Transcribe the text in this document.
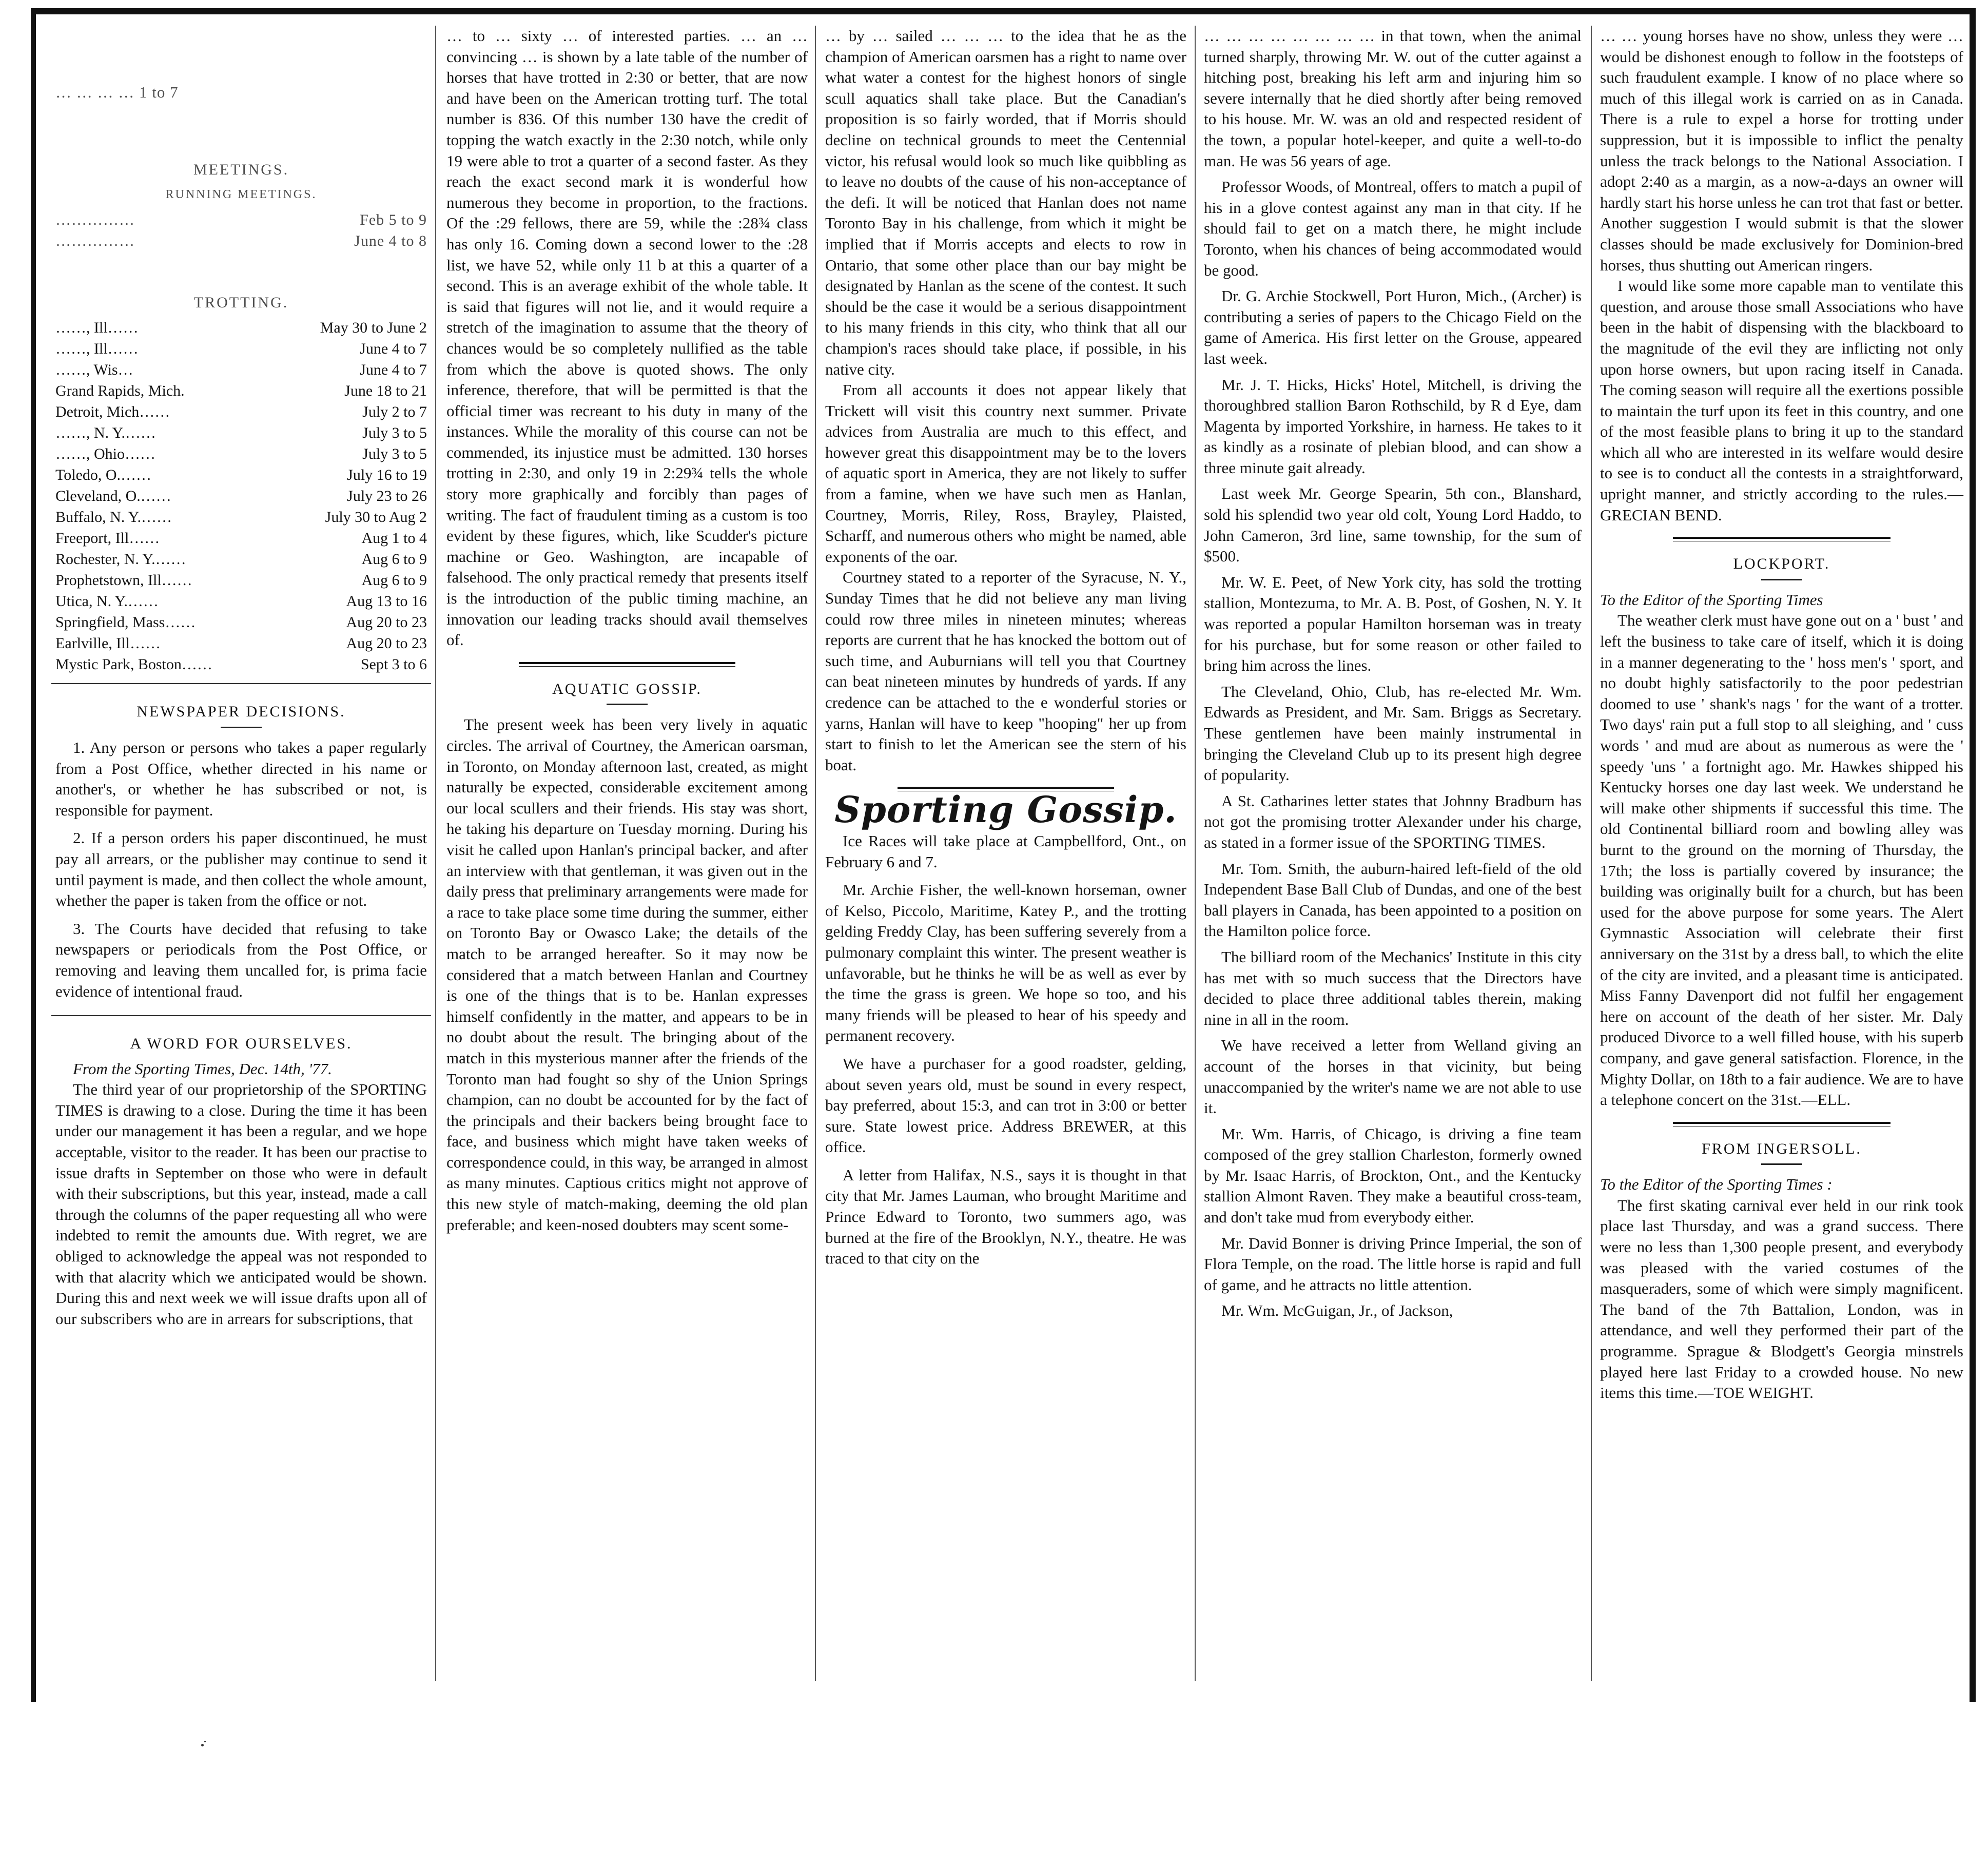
… … … … 1 to 7

MEETINGS.
RUNNING MEETINGS.
……………	Feb 5 to 9
……………	June 4 to 8
TROTTING.
……, Ill……	May 30 to June 2
……, Ill……	June 4 to 7
……, Wis…	June 4 to 7
Grand Rapids, Mich.	June 18 to 21
Detroit, Mich……	July 2 to 7
……, N. Y.……	July 3 to 5
……, Ohio……	July 3 to 5
Toledo, O.……	July 16 to 19
Cleveland, O.……	July 23 to 26
Buffalo, N. Y.……	July 30 to Aug 2
Freeport, Ill……	Aug 1 to 4
Rochester, N. Y.……	Aug 6 to 9
Prophetstown, Ill……	Aug 6 to 9
Utica, N. Y.……	Aug 13 to 16
Springfield, Mass……	Aug 20 to 23
Earlville, Ill……	Aug 20 to 23
Mystic Park, Boston……	Sept 3 to 6
NEWSPAPER DECISIONS.

1. Any person or persons who takes a paper regularly from a Post Office, whether directed in his name or another's, or whether he has subscribed or not, is responsible for payment.

2. If a person orders his paper discontinued, he must pay all arrears, or the publisher may continue to send it until payment is made, and then collect the whole amount, whether the paper is taken from the office or not.

3. The Courts have decided that refusing to take newspapers or periodicals from the Post Office, or removing and leaving them uncalled for, is prima facie evidence of intentional fraud.

A WORD FOR OURSELVES.

From the Sporting Times, Dec. 14th, '77.

The third year of our proprietorship of the SPORTING TIMES is drawing to a close. During the time it has been under our management it has been a regular, and we hope acceptable, visitor to the reader. It has been our practise to issue drafts in September on those who were in default with their subscriptions, but this year, instead, made a call through the columns of the paper requesting all who were indebted to remit the amounts due. With regret, we are obliged to acknowledge the appeal was not responded to with that alacrity which we anticipated would be shown. During this and next week we will issue drafts upon all of our subscribers who are in arrears for subscriptions, that

… to … sixty … of interested parties. … an … convincing … is shown by a late table of the number of horses that have trotted in 2:30 or better, that are now and have been on the American trotting turf. The total number is 836. Of this number 130 have the credit of topping the watch exactly in the 2:30 notch, while only 19 were able to trot a quarter of a second faster. As they reach the exact second mark it is wonderful how numerous they become in proportion, to the fractions. Of the :29 fellows, there are 59, while the :28¾ class has only 16. Coming down a second lower to the :28 list, we have 52, while only 11 b at this a quarter of a second. This is an average exhibit of the whole table. It is said that figures will not lie, and it would require a stretch of the imagination to assume that the theory of chances would be so completely nullified as the table from which the above is quoted shows. The only inference, therefore, that will be permitted is that the official timer was recreant to his duty in many of the instances. While the morality of this course can not be commended, its injustice must be admitted. 130 horses trotting in 2:30, and only 19 in 2:29¾ tells the whole story more graphically and forcibly than pages of writing. The fact of fraudulent timing as a custom is too evident by these figures, which, like Scudder's picture machine or Geo. Washington, are incapable of falsehood. The only practical remedy that presents itself is the introduction of the public timing machine, an innovation our leading tracks should avail themselves of.

AQUATIC GOSSIP.

The present week has been very lively in aquatic circles. The arrival of Courtney, the American oarsman, in Toronto, on Monday afternoon last, created, as might naturally be expected, considerable excitement among our local scullers and their friends. His stay was short, he taking his departure on Tuesday morning. During his visit he called upon Hanlan's principal backer, and after an interview with that gentleman, it was given out in the daily press that preliminary arrangements were made for a race to take place some time during the summer, either on Toronto Bay or Owasco Lake; the details of the match to be arranged hereafter. So it may now be considered that a match between Hanlan and Courtney is one of the things that is to be. Hanlan expresses himself confidently in the matter, and appears to be in no doubt about the result. The bringing about of the match in this mysterious manner after the friends of the Toronto man had fought so shy of the Union Springs champion, can no doubt be accounted for by the fact of the principals and their backers being brought face to face, and business which might have taken weeks of correspondence could, in this way, be arranged in almost as many minutes. Captious critics might not approve of this new style of match-making, deeming the old plan preferable; and keen-nosed doubters may scent some-

… by … sailed … … … to the idea that he as the champion of American oarsmen has a right to name over what water a contest for the highest honors of single scull aquatics shall take place. But the Canadian's proposition is so fairly worded, that if Morris should decline on technical grounds to meet the Centennial victor, his refusal would look so much like quibbling as to leave no doubts of the cause of his non-acceptance of the defi. It will be noticed that Hanlan does not name Toronto Bay in his challenge, from which it might be implied that if Morris accepts and elects to row in Ontario, that some other place than our bay might be designated by Hanlan as the scene of the contest. It such should be the case it would be a serious disappointment to his many friends in this city, who think that all our champion's races should take place, if possible, in his native city.

From all accounts it does not appear likely that Trickett will visit this country next summer. Private advices from Australia are much to this effect, and however great this disappointment may be to the lovers of aquatic sport in America, they are not likely to suffer from a famine, when we have such men as Hanlan, Courtney, Morris, Riley, Ross, Brayley, Plaisted, Scharff, and numerous others who might be named, able exponents of the oar.

Courtney stated to a reporter of the Syracuse, N. Y., Sunday Times that he did not believe any man living could row three miles in nineteen minutes; whereas reports are current that he has knocked the bottom out of such time, and Auburnians will tell you that Courtney can beat nineteen minutes by hundreds of yards. If any credence can be attached to the e wonderful stories or yarns, Hanlan will have to keep "hooping" her up from start to finish to let the American see the stern of his boat.

Sporting Gossip.

Ice Races will take place at Campbellford, Ont., on February 6 and 7.

Mr. Archie Fisher, the well-known horseman, owner of Kelso, Piccolo, Maritime, Katey P., and the trotting gelding Freddy Clay, has been suffering severely from a pulmonary complaint this winter. The present weather is unfavorable, but he thinks he will be as well as ever by the time the grass is green. We hope so too, and his many friends will be pleased to hear of his speedy and permanent recovery.

We have a purchaser for a good roadster, gelding, about seven years old, must be sound in every respect, bay preferred, about 15:3, and can trot in 3:00 or better sure. State lowest price. Address BREWER, at this office.

A letter from Halifax, N.S., says it is thought in that city that Mr. James Lauman, who brought Maritime and Prince Edward to Toronto, two summers ago, was burned at the fire of the Brooklyn, N.Y., theatre. He was traced to that city on the

… … … … … … … … in that town, when the animal turned sharply, throwing Mr. W. out of the cutter against a hitching post, breaking his left arm and injuring him so severe internally that he died shortly after being removed to his house. Mr. W. was an old and respected resident of the town, a popular hotel-keeper, and quite a well-to-do man. He was 56 years of age.

Professor Woods, of Montreal, offers to match a pupil of his in a glove contest against any man in that city. If he should fail to get on a match there, he might include Toronto, when his chances of being accommodated would be good.

Dr. G. Archie Stockwell, Port Huron, Mich., (Archer) is contributing a series of papers to the Chicago Field on the game of America. His first letter on the Grouse, appeared last week.

Mr. J. T. Hicks, Hicks' Hotel, Mitchell, is driving the thoroughbred stallion Baron Rothschild, by R d Eye, dam Magenta by imported Yorkshire, in harness. He takes to it as kindly as a rosinate of plebian blood, and can show a three minute gait already.

Last week Mr. George Spearin, 5th con., Blanshard, sold his splendid two year old colt, Young Lord Haddo, to John Cameron, 3rd line, same township, for the sum of $500.

Mr. W. E. Peet, of New York city, has sold the trotting stallion, Montezuma, to Mr. A. B. Post, of Goshen, N. Y. It was reported a popular Hamilton horseman was in treaty for his purchase, but for some reason or other failed to bring him across the lines.

The Cleveland, Ohio, Club, has re-elected Mr. Wm. Edwards as President, and Mr. Sam. Briggs as Secretary. These gentlemen have been mainly instrumental in bringing the Cleveland Club up to its present high degree of popularity.

A St. Catharines letter states that Johnny Bradburn has not got the promising trotter Alexander under his charge, as stated in a former issue of the SPORTING TIMES.

Mr. Tom. Smith, the auburn-haired left-field of the old Independent Base Ball Club of Dundas, and one of the best ball players in Canada, has been appointed to a position on the Hamilton police force.

The billiard room of the Mechanics' Institute in this city has met with so much success that the Directors have decided to place three additional tables therein, making nine in all in the room.

We have received a letter from Welland giving an account of the horses in that vicinity, but being unaccompanied by the writer's name we are not able to use it.

Mr. Wm. Harris, of Chicago, is driving a fine team composed of the grey stallion Charleston, formerly owned by Mr. Isaac Harris, of Brockton, Ont., and the Kentucky stallion Almont Raven. They make a beautiful cross-team, and don't take mud from everybody either.

Mr. David Bonner is driving Prince Imperial, the son of Flora Temple, on the road. The little horse is rapid and full of game, and he attracts no little attention.

Mr. Wm. McGuigan, Jr., of Jackson,

… … young horses have no show, unless they were … would be dishonest enough to follow in the footsteps of such fraudulent example. I know of no place where so much of this illegal work is carried on as in Canada. There is a rule to expel a horse for trotting under suppression, but it is impossible to inflict the penalty unless the track belongs to the National Association. I adopt 2:40 as a margin, as a now-a-days an owner will hardly start his horse unless he can trot that fast or better. Another suggestion I would submit is that the slower classes should be made exclusively for Dominion-bred horses, thus shutting out American ringers.

I would like some more capable man to ventilate this question, and arouse those small Associations who have been in the habit of dispensing with the blackboard to the magnitude of the evil they are inflicting not only upon horse owners, but upon racing itself in Canada. The coming season will require all the exertions possible to maintain the turf upon its feet in this country, and one of the most feasible plans to bring it up to the standard which all who are interested in its welfare would desire to see is to conduct all the contests in a straightforward, upright manner, and strictly according to the rules.—GRECIAN BEND.

LOCKPORT.

To the Editor of the Sporting Times

The weather clerk must have gone out on a ' bust ' and left the business to take care of itself, which it is doing in a manner degenerating to the ' hoss men's ' sport, and no doubt highly satisfactorily to the poor pedestrian doomed to use ' shank's nags ' for the want of a trotter. Two days' rain put a full stop to all sleighing, and ' cuss words ' and mud are about as numerous as were the ' speedy 'uns ' a fortnight ago. Mr. Hawkes shipped his Kentucky horses one day last week. We understand he will make other shipments if successful this time. The old Continental billiard room and bowling alley was burnt to the ground on the morning of Thursday, the 17th; the loss is partially covered by insurance; the building was originally built for a church, but has been used for the above purpose for some years. The Alert Gymnastic Association will celebrate their first anniversary on the 31st by a dress ball, to which the elite of the city are invited, and a pleasant time is anticipated. Miss Fanny Davenport did not fulfil her engagement here on account of the death of her sister. Mr. Daly produced Divorce to a well filled house, with his superb company, and gave general satisfaction. Florence, in the Mighty Dollar, on 18th to a fair audience. We are to have a telephone concert on the 31st.—ELL.

FROM INGERSOLL.

To the Editor of the Sporting Times :

The first skating carnival ever held in our rink took place last Thursday, and was a grand success. There were no less than 1,300 people present, and everybody was pleased with the varied costumes of the masqueraders, some of which were simply magnificent. The band of the 7th Battalion, London, was in attendance, and well they performed their part of the programme. Sprague & Blodgett's Georgia minstrels played here last Friday to a crowded house. No new items this time.—TOE WEIGHT.
